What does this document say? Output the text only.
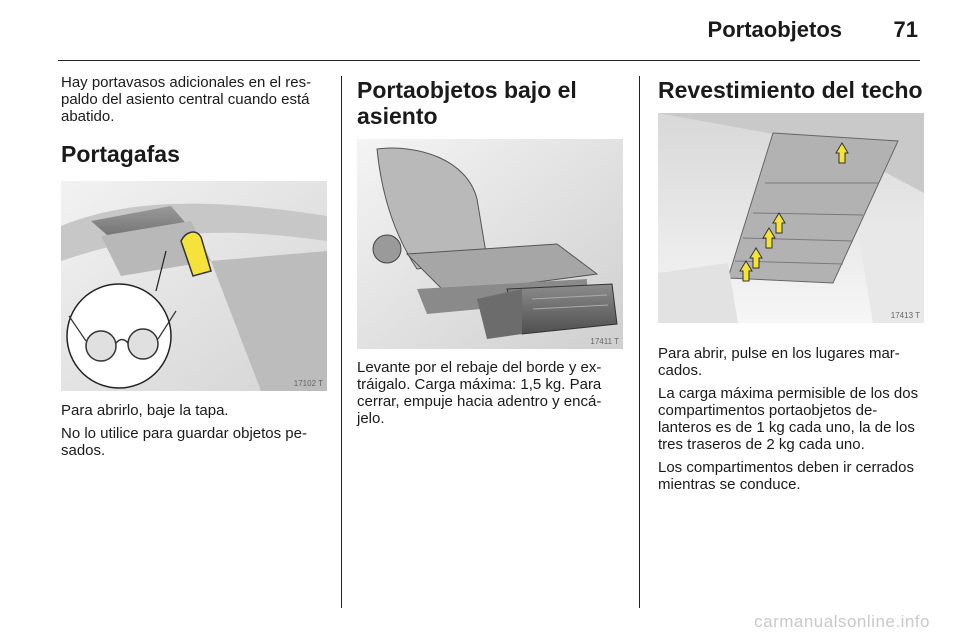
Portaobjetos 71

Hay portavasos adicionales en el respaldo del asiento central cuando está abatido.

Portagafas
17102 T

Para abrirlo, baje la tapa.

No lo utilice para guardar objetos pesados.

Portaobjetos bajo el asiento
17411 T

Levante por el rebaje del borde y extráigalo. Carga máxima: 1,5 kg. Para cerrar, empuje hacia adentro y encájelo.

Revestimiento del techo
17413 T

Para abrir, pulse en los lugares marcados.

La carga máxima permisible de los dos compartimentos portaobjetos delanteros es de 1 kg cada uno, la de los tres traseros de 2 kg cada uno.

Los compartimentos deben ir cerrados mientras se conduce.

carmanualsonline.info
